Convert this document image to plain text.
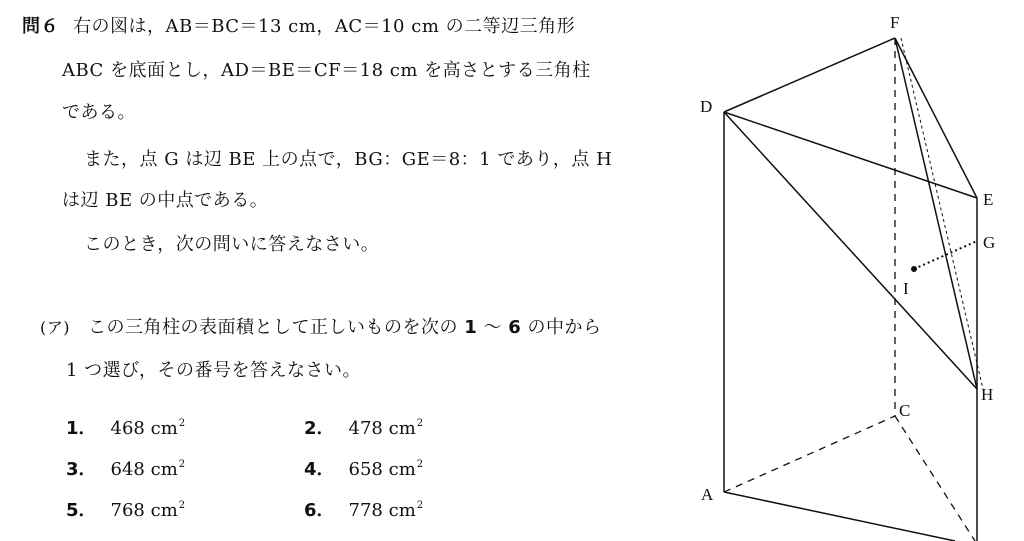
問６ 右の図は，AB＝BC＝13 cm，AC＝10 cm の二等辺三角形
ABC を底面とし，AD＝BE＝CF＝18 cm を高さとする三角柱
である。
また，点 G は辺 BE 上の点で，BG：GE＝8：1 であり，点 H
は辺 BE の中点である。
このとき，次の問いに答えなさい。
(ア) この三角柱の表面積として正しいものを次の 1 ～ 6 の中から
1 つ選び，その番号を答えなさい。
1． 468 $cm^2$	2． 478 $cm^2$
3． 648 $cm^2$	4． 658 $cm^2$
5． 768 $cm^2$	6． 778 $cm^2$
F
D
E
G
I
H
C
A
